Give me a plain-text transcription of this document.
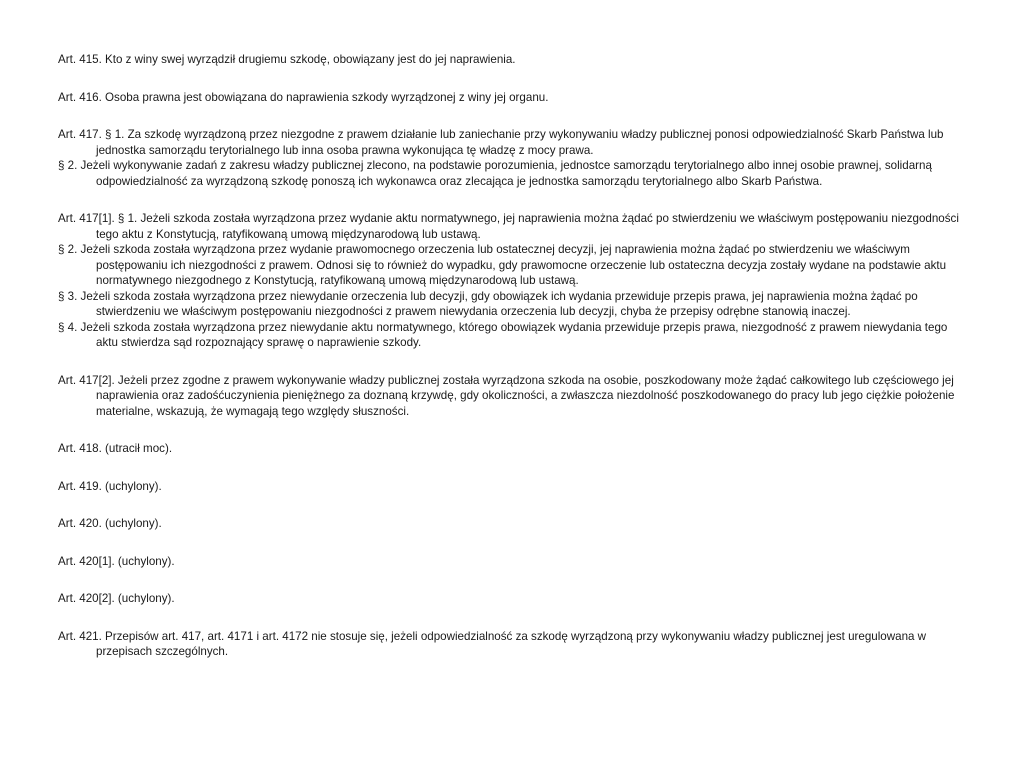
Art. 415. Kto z winy swej wyrządził drugiemu szkodę, obowiązany jest do jej naprawienia.

Art. 416. Osoba prawna jest obowiązana do naprawienia szkody wyrządzonej z winy jej organu.

Art. 417. § 1. Za szkodę wyrządzoną przez niezgodne z prawem działanie lub zaniechanie przy wykonywaniu władzy publicznej ponosi odpowiedzialność Skarb Państwa lub jednostka samorządu terytorialnego lub inna osoba prawna wykonująca tę władzę z mocy prawa.

§ 2. Jeżeli wykonywanie zadań z zakresu władzy publicznej zlecono, na podstawie porozumienia, jednostce samorządu terytorialnego albo innej osobie prawnej, solidarną odpowiedzialność za wyrządzoną szkodę ponoszą ich wykonawca oraz zlecająca je jednostka samorządu terytorialnego albo Skarb Państwa.

Art. 417[1]. § 1. Jeżeli szkoda została wyrządzona przez wydanie aktu normatywnego, jej naprawienia można żądać po stwierdzeniu we właściwym postępowaniu niezgodności tego aktu z Konstytucją, ratyfikowaną umową międzynarodową lub ustawą.

§ 2. Jeżeli szkoda została wyrządzona przez wydanie prawomocnego orzeczenia lub ostatecznej decyzji, jej naprawienia można żądać po stwierdzeniu we właściwym postępowaniu ich niezgodności z prawem. Odnosi się to również do wypadku, gdy prawomocne orzeczenie lub ostateczna decyzja zostały wydane na podstawie aktu normatywnego niezgodnego z Konstytucją, ratyfikowaną umową międzynarodową lub ustawą.

§ 3. Jeżeli szkoda została wyrządzona przez niewydanie orzeczenia lub decyzji, gdy obowiązek ich wydania przewiduje przepis prawa, jej naprawienia można żądać po stwierdzeniu we właściwym postępowaniu niezgodności z prawem niewydania orzeczenia lub decyzji, chyba że przepisy odrębne stanowią inaczej.

§ 4. Jeżeli szkoda została wyrządzona przez niewydanie aktu normatywnego, którego obowiązek wydania przewiduje przepis prawa, niezgodność z prawem niewydania tego aktu stwierdza sąd rozpoznający sprawę o naprawienie szkody.

Art. 417[2]. Jeżeli przez zgodne z prawem wykonywanie władzy publicznej została wyrządzona szkoda na osobie, poszkodowany może żądać całkowitego lub częściowego jej naprawienia oraz zadośćuczynienia pieniężnego za doznaną krzywdę, gdy okoliczności, a zwłaszcza niezdolność poszkodowanego do pracy lub jego ciężkie położenie materialne, wskazują, że wymagają tego względy słuszności.

Art. 418. (utracił moc).

Art. 419. (uchylony).

Art. 420. (uchylony).

Art. 420[1]. (uchylony).

Art. 420[2]. (uchylony).

Art. 421. Przepisów art. 417, art. 4171 i art. 4172 nie stosuje się, jeżeli odpowiedzialność za szkodę wyrządzoną przy wykonywaniu władzy publicznej jest uregulowana w przepisach szczególnych.
